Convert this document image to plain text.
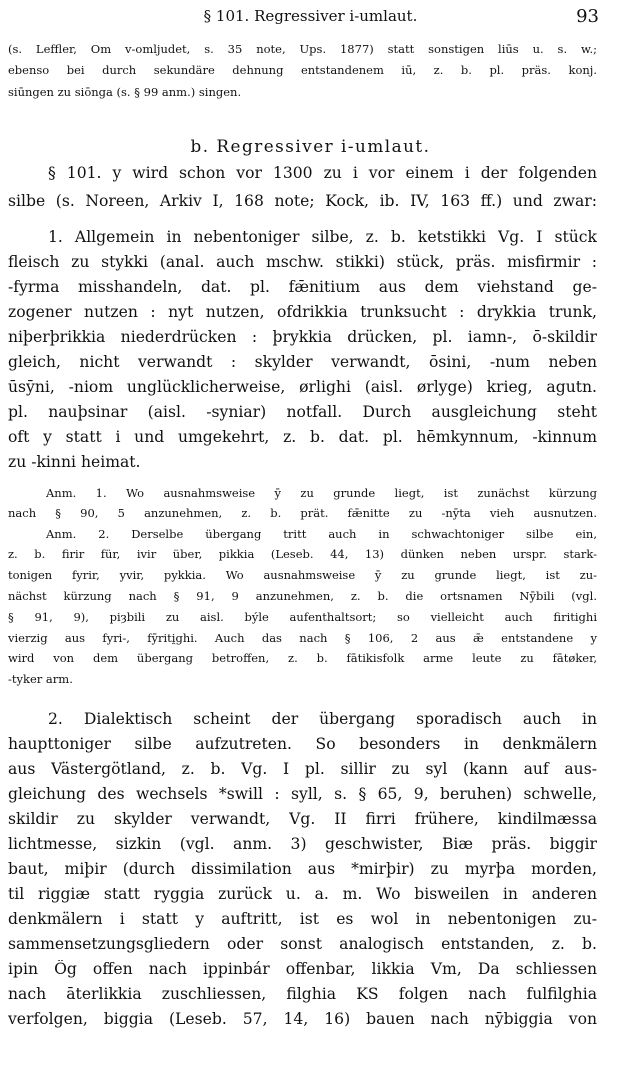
§ 101. Regressiver i-umlaut.	93
(s. Leffler, Om v-omljudet, s. 35 note, Ups. 1877) statt sonstigen liūs u. s. w.;
ebenso bei durch sekundäre dehnung entstandenem iū, z. b. pl. präs. konj.
siūngen zu siōnga (s. § 99 anm.) singen.
b. Regressiver i-umlaut.
§ 101. y wird schon vor 1300 zu i vor einem i der folgenden
silbe (s. Noreen, Arkiv I, 168 note; Kock, ib. IV, 163 ff.) und zwar:
1. Allgemein in nebentoniger silbe, z. b. ketstikki Vg. I stück
fleisch zu stykki (anal. auch mschw. stikki) stück, präs. misfirmir :
-fyrma misshandeln, dat. pl. fǣnitium aus dem viehstand ge-
zogener nutzen : nyt nutzen, ofdrikkia trunksucht : drykkia trunk,
niþerþrikkia niederdrücken : þrykkia drücken, pl. iamn-, ō-skildir
gleich, nicht verwandt : skylder verwandt, ōsini, -num neben
ūsȳni, -niom unglücklicherweise, ørlighi (aisl. ørlyge) krieg, agutn.
pl. nauþsinar (aisl. -syniar) notfall. Durch ausgleichung steht
oft y statt i und umgekehrt, z. b. dat. pl. hēmkynnum, -kinnum
zu -kinni heimat.
Anm. 1. Wo ausnahmsweise ȳ zu grunde liegt, ist zunächst kürzung
nach § 90, 5 anzunehmen, z. b. prät. fǣnitte zu -nȳta vieh ausnutzen.
Anm. 2. Derselbe übergang tritt auch in schwachtoniger silbe ein,
z. b. firir für, ivir über, pikkia (Leseb. 44, 13) dünken neben urspr. stark-
tonigen fyrir, yvir, pykkia. Wo ausnahmsweise ȳ zu grunde liegt, ist zu-
nächst kürzung nach § 91, 9 anzunehmen, z. b. die ortsnamen Nȳbili (vgl.
§ 91, 9), piȝbili zu aisl. býle aufenthaltsort; so vielleicht auch firitighi
vierzig aus fyri-, fȳriti̯ghi. Auch das nach § 106, 2 aus ǣ entstandene y
wird von dem übergang betroffen, z. b. fātikisfolk arme leute zu fātøker,
-tyker arm.
2. Dialektisch scheint der übergang sporadisch auch in
haupttoniger silbe aufzutreten. So besonders in denkmälern
aus Västergötland, z. b. Vg. I pl. sillir zu syl (kann auf aus-
gleichung des wechsels *swill : syll, s. § 65, 9, beruhen) schwelle,
skildir zu skylder verwandt, Vg. II firri frühere, kindilmæssa
lichtmesse, sizkin (vgl. anm. 3) geschwister, Biæ präs. biggir
baut, miþir (durch dissimilation aus *mirþir) zu myrþa morden,
til riggiæ statt ryggia zurück u. a. m. Wo bisweilen in anderen
denkmälern i statt y auftritt, ist es wol in nebentonigen zu-
sammensetzungsgliedern oder sonst analogisch entstanden, z. b.
ipin Ög offen nach ippinbár offenbar, likkia Vm, Da schliessen
nach āterlikkia zuschliessen, filghia KS folgen nach fulfilghia
verfolgen, biggia (Leseb. 57, 14, 16) bauen nach nȳbiggia von
